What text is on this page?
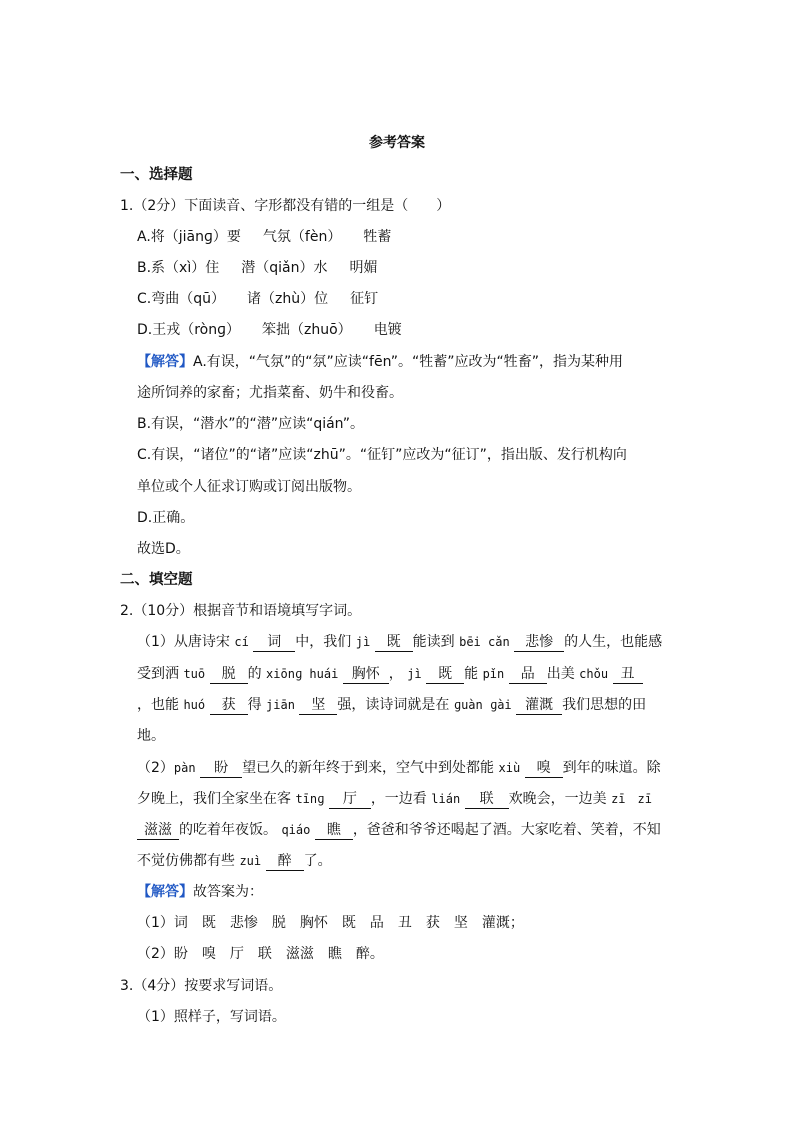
参考答案
一、选择题
1.（2分）下面读音、字形都没有错的一组是（　　）
A.将（jiānɡ）要 气氛（fèn） 牲蓄
B.系（xì）住 潜（qiǎn）水 明媚
C.弯曲（qū） 诸（zhù）位 征钉
D.王戎（rònɡ） 笨拙（zhuō） 电镀
【解答】A.有误，“气氛”的“氛”应读“fēn”。“牲蓄”应改为“牲畜”，指为某种用
途所饲养的家畜；尤指菜畜、奶牛和役畜。
B.有误，“潜水”的“潜”应读“qián”。
C.有误，“诸位”的“诸”应读“zhū”。“征钉”应改为“征订”，指出版、发行机构向
单位或个人征求订购或订阅出版物。
D.正确。
故选D。
二、填空题
2.（10分）根据音节和语境填写字词。
（1）从唐诗宋 cí 词 中，我们 jì 既 能读到 bēi cǎn 悲惨 的人生，也能感
受到洒 tuō 脱 的 xiōnɡ huái 胸怀 ， jì 既 能 pǐn 品 出美 chǒu 丑
，也能 huó 获 得 jiān 坚 强，读诗词就是在 ɡuàn ɡài 灌溉 我们思想的田
地。
（2）pàn 盼 望已久的新年终于到来，空气中到处都能 xiù 嗅 到年的味道。除
夕晚上，我们全家坐在客 tīnɡ 厅 ，一边看 lián 联 欢晚会，一边美 zī　zī
滋滋 的吃着年夜饭。 qiáo 瞧 ，爸爸和爷爷还喝起了酒。大家吃着、笑着，不知
不觉仿佛都有些 zuì 醉 了。
【解答】故答案为：
（1）词 既 悲惨 脱 胸怀 既 品 丑 获 坚 灌溉；
（2）盼 嗅 厅 联 滋滋 瞧 醉。
3.（4分）按要求写词语。
（1）照样子，写词语。
